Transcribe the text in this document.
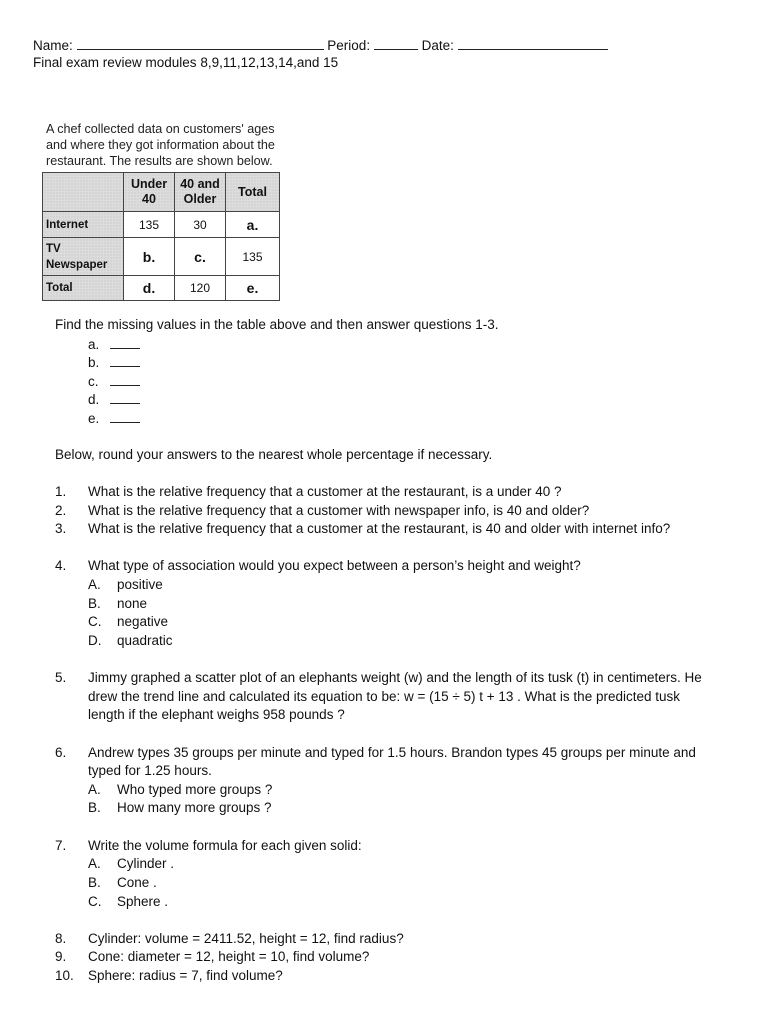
Name:	Period:	Date:
Final exam review modules 8,9,11,12,13,14,and 15
A chef collected data on customers' ages
and where they got information about the
restaurant. The results are shown below.
	Under 40	40 and Older	Total
Internet	135	30	a.
TV Newspaper	b.	c.	135
Total	d.	120	e.
Find the missing values in the table above and then answer questions 1-3.
a.
b.
c.
d.
e.
Below, round your answers to the nearest whole percentage if necessary.
1. What is the relative frequency that a customer at the restaurant, is a under 40 ?
2. What is the relative frequency that a customer with newspaper info, is 40 and older?
3. What is the relative frequency that a customer at the restaurant, is 40 and older with internet info?
4. What type of association would you expect between a person’s height and weight?
A. positive
B. none
C. negative
D. quadratic
5. Jimmy graphed a scatter plot of an elephants weight (w) and the length of its tusk (t) in centimeters. He
drew the trend line and calculated its equation to be: w = (15 ÷ 5) t + 13 . What is the predicted tusk
length if the elephant weighs 958 pounds ?
6. Andrew types 35 groups per minute and typed for 1.5 hours. Brandon types 45 groups per minute and
typed for 1.25 hours.
A. Who typed more groups ?
B. How many more groups ?
7. Write the volume formula for each given solid:
A. Cylinder .
B. Cone .
C. Sphere .
8. Cylinder: volume = 2411.52, height = 12, find radius?
9. Cone: diameter = 12, height = 10, find volume?
10. Sphere: radius = 7, find volume?
